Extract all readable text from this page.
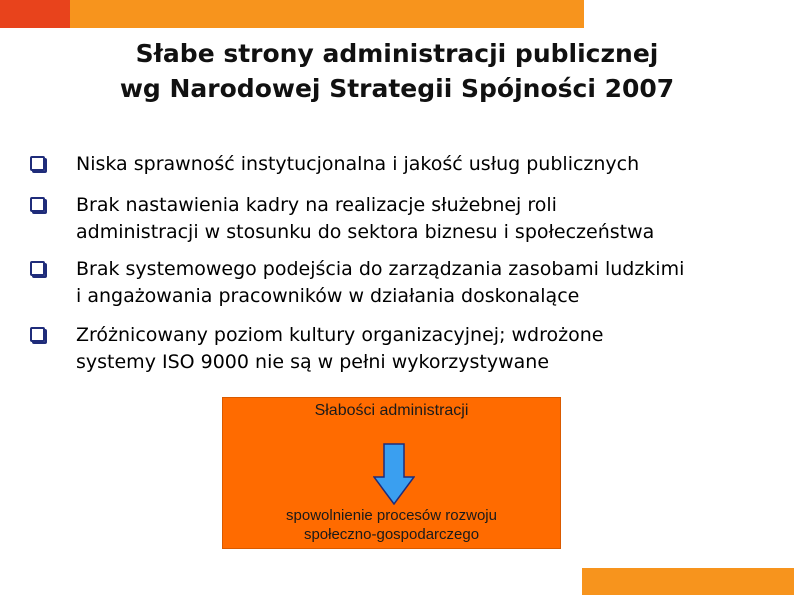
Słabe strony administracji publicznej
wg Narodowej Strategii Spójności 2007
Niska sprawność instytucjonalna i jakość usług publicznych
Brak nastawienia kadry na realizacje służebnej roli
administracji w stosunku do sektora biznesu i społeczeństwa
Brak systemowego podejścia do zarządzania zasobami ludzkimi
i angażowania pracowników w działania doskonalące
Zróżnicowany poziom kultury organizacyjnej; wdrożone
systemy ISO 9000 nie są w pełni wykorzystywane
Słabości administracji
spowolnienie procesów rozwoju
społeczno-gospodarczego
